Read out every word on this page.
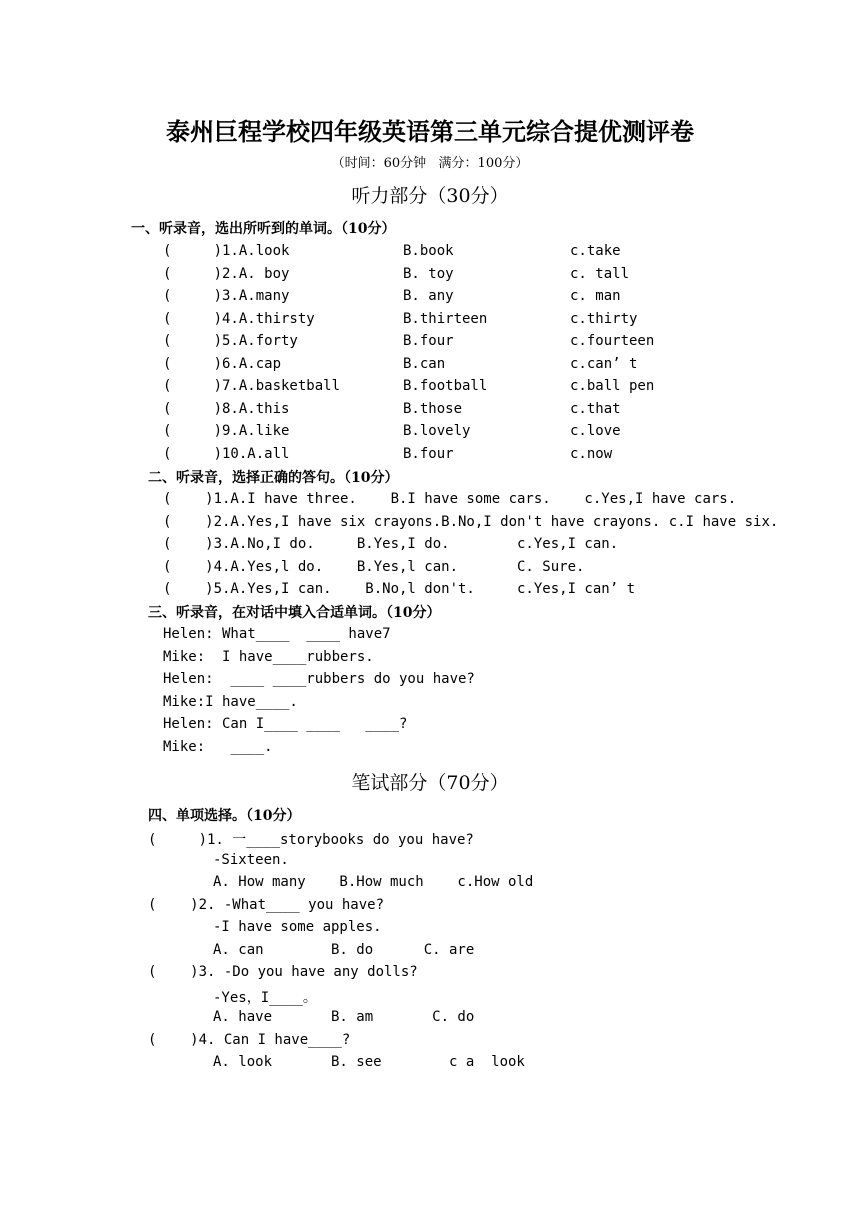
泰州巨程学校四年级英语第三单元综合提优测评卷
（时间：60分钟   满分：100分）
听力部分（30分）
一、听录音，选出所听到的单词。（10分）
(     )1.A.look	B.book	c.take
(     )2.A. boy	B. toy	c. tall
(     )3.A.many	B. any	c. man
(     )4.A.thirsty	B.thirteen	c.thirty
(     )5.A.forty	B.four	c.fourteen
(     )6.A.cap	B.can	c.can’ t
(     )7.A.basketball	B.football	c.ball pen
(     )8.A.this	B.those	c.that
(     )9.A.like	B.lovely	c.love
(     )10.A.all	B.four	c.now
二、听录音，选择正确的答句。（10分）
(    )1.A.I have three.    B.I have some cars.    c.Yes,I have cars.
(    )2.A.Yes,I have six crayons.B.No,I don't have crayons. c.I have six.
(    )3.A.No,I do.     B.Yes,I do.        c.Yes,I can.
(    )4.A.Yes,l do.    B.Yes,l can.       C. Sure.
(    )5.A.Yes,I can.    B.No,l don't.     c.Yes,I can’ t
三、听录音，在对话中填入合适单词。（10分）
Helen: What____  ____ have7
Mike:  I have____rubbers.
Helen:  ____ ____rubbers do you have?
Mike:I have____.
Helen: Can I____ ____   ____?
Mike:   ____.
笔试部分（70分）
四、单项选择。（10分）
(     )1. 一____storybooks do you have?
-Sixteen.
A. How many    B.How much    c.How old
(    )2. -What____ you have?
-I have some apples.
A. can        B. do      C. are
(    )3. -Do you have any dolls?
-Yes，I____。
A. have       B. am       C. do
(    )4. Can I have____?
A. look       B. see        c a  look
